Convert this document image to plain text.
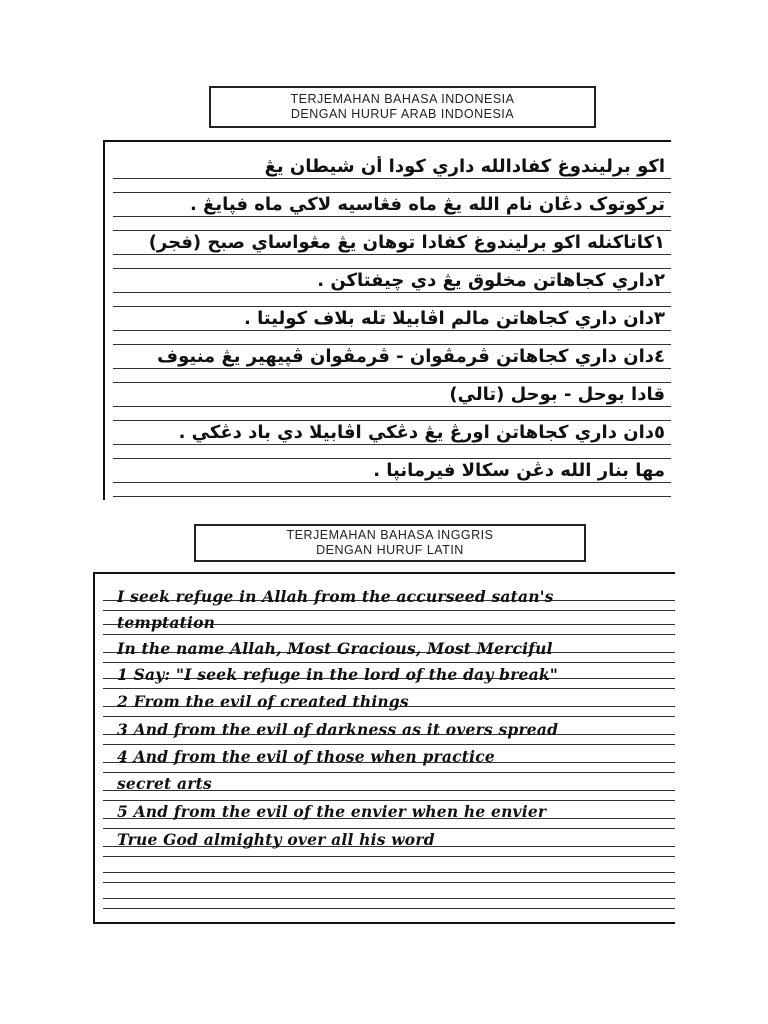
TERJEMAHAN BAHASA INDONESIA
DENGAN HURUF ARAB INDONESIA
اکو برليندوغ کفادالله داري کودا أن شيطان يڠ
ترکوتوک دڠان نام الله يڠ ماه فڠاسيه لاکي ماه فڽايڠ .
١کاتاکنله اکو برليندوغ کفادا توهان يڠ مڠواساي صبح (فجر)
٢داري کجاهاتن مخلوق يڠ دي چيفتاکن .
٣دان داري کجاهاتن مالم اڤابيلا تله بلاف کوليتا .
٤دان داري کجاهاتن ڤرمڤوان - ڤرمڤوان ڤڽيهير يڠ منيوف
قادا بوحل - بوحل (تالي)
٥دان داري کجاهاتن اورڠ يڠ دڠکي اڤابيلا دي باد دڠکي .
مها بنار الله دڠن سکالا فيرمانڽا .
TERJEMAHAN BAHASA INGGRIS
DENGAN HURUF LATIN
I seek refuge in Allah from the accurseed satan's
temptation
In the name Allah, Most Gracious, Most Merciful
1 Say: "I seek refuge in the lord of the day break"
2 From the evil of created things
3 And from the evil of darkness as it overs spread
4 And from the evil of those when practice
secret arts
5 And from the evil of the envier when he envier
True God almighty over all his word
